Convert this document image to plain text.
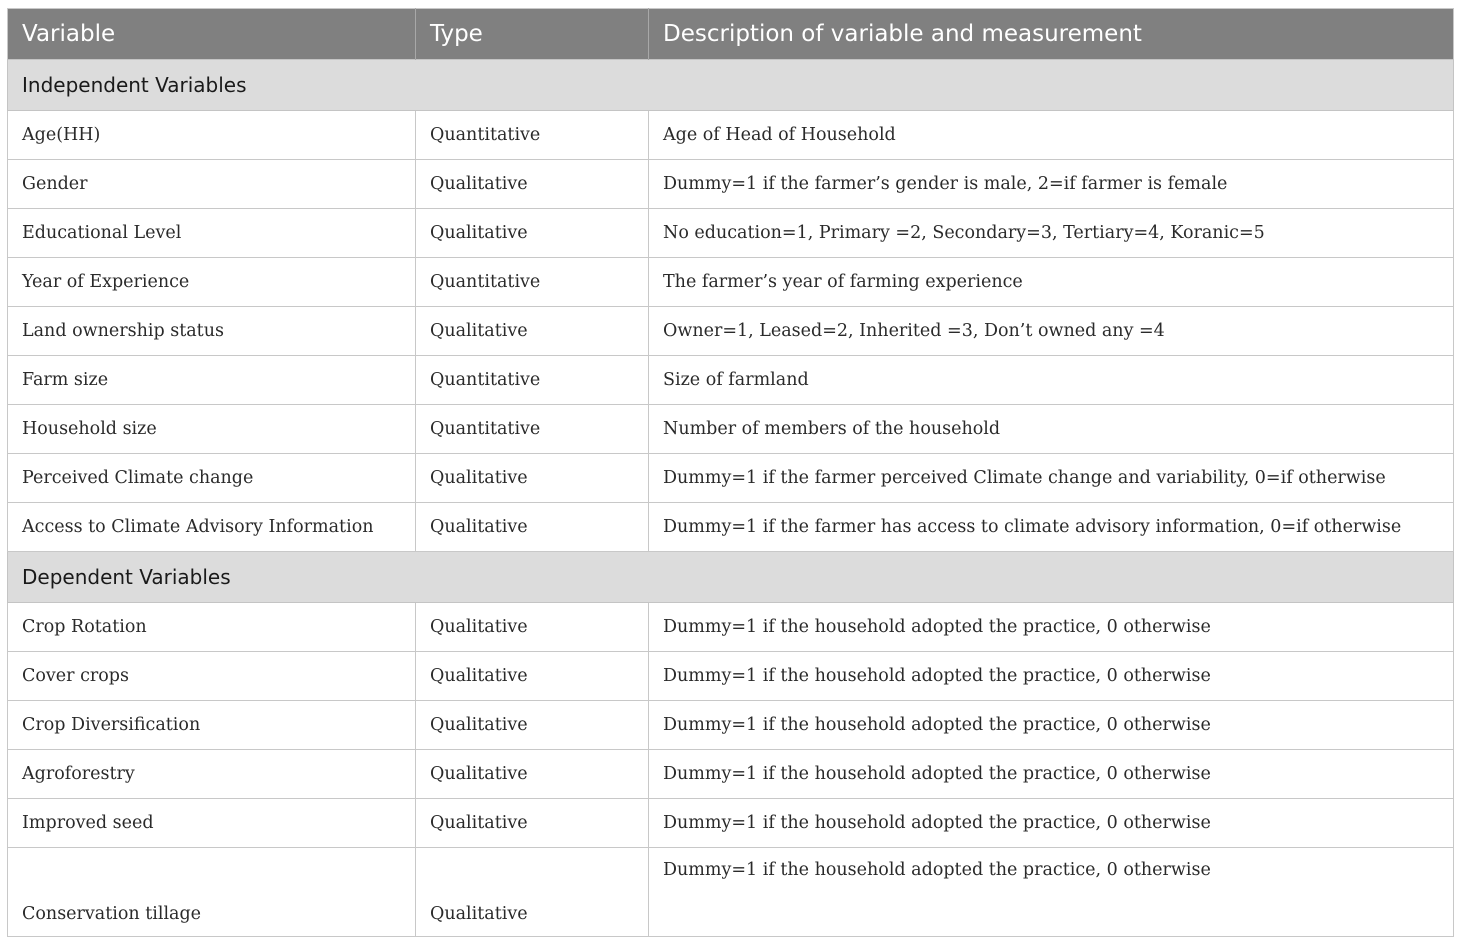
Variable	Type	Description of variable and measurement
Independent Variables		
Age(HH)	Quantitative	Age of Head of Household
Gender	Qualitative	Dummy=1 if the farmer’s gender is male, 2=if farmer is female
Educational Level	Qualitative	No education=1, Primary =2, Secondary=3, Tertiary=4, Koranic=5
Year of Experience	Quantitative	The farmer’s year of farming experience
Land ownership status	Qualitative	Owner=1, Leased=2, Inherited =3, Don’t owned any =4
Farm size	Quantitative	Size of farmland
Household size	Quantitative	Number of members of the household
Perceived Climate change	Qualitative	Dummy=1 if the farmer perceived Climate change and variability, 0=if otherwise
Access to Climate Advisory Information	Qualitative	Dummy=1 if the farmer has access to climate advisory information, 0=if otherwise
Dependent Variables		
Crop Rotation	Qualitative	Dummy=1 if the household adopted the practice, 0 otherwise
Cover crops	Qualitative	Dummy=1 if the household adopted the practice, 0 otherwise
Crop Diversification	Qualitative	Dummy=1 if the household adopted the practice, 0 otherwise
Agroforestry	Qualitative	Dummy=1 if the household adopted the practice, 0 otherwise
Improved seed	Qualitative	Dummy=1 if the household adopted the practice, 0 otherwise
Conservation tillage	Qualitative	Dummy=1 if the household adopted the practice, 0 otherwise
